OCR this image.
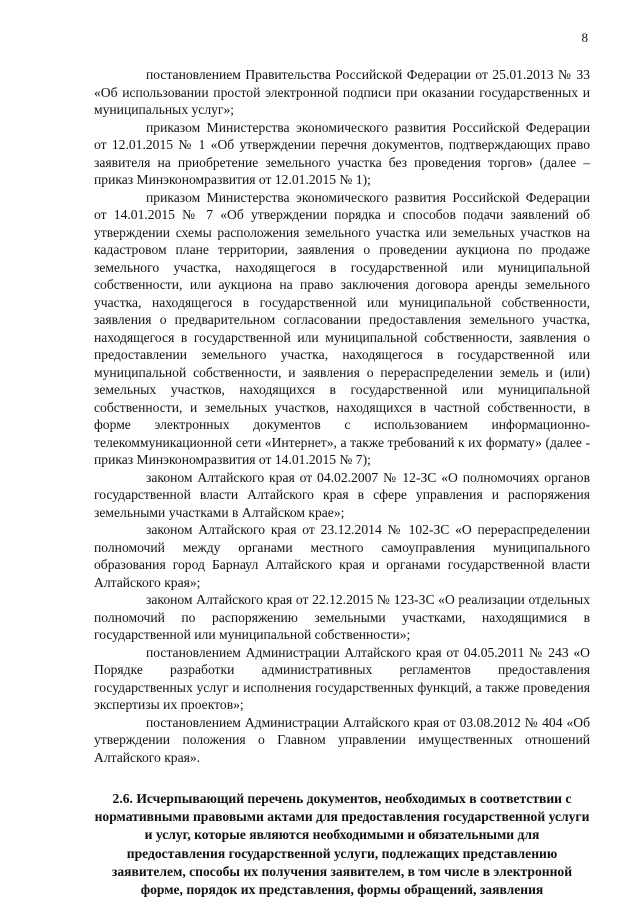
8

постановлением Правительства Российской Федерации от 25.01.2013 № 33 «Об использовании простой электронной подписи при оказании государственных и муниципальных услуг»;

приказом Министерства экономического развития Российской Федерации от 12.01.2015 № 1 «Об утверждении перечня документов, подтверждающих право заявителя на приобретение земельного участка без проведения торгов» (далее – приказ Минэкономразвития от 12.01.2015 № 1);

приказом Министерства экономического развития Российской Федерации от 14.01.2015 № 7 «Об утверждении порядка и способов подачи заявлений об утверждении схемы расположения земельного участка или земельных участков на кадастровом плане территории, заявления о проведении аукциона по продаже земельного участка, находящегося в государственной или муниципальной собственности, или аукциона на право заключения договора аренды земельного участка, находящегося в государственной или муниципальной собственности, заявления о предварительном согласовании предоставления земельного участка, находящегося в государственной или муниципальной собственности, заявления о предоставлении земельного участка, находящегося в государственной или муниципальной собственности, и заявления о перераспределении земель и (или) земельных участков, находящихся в государственной или муниципальной собственности, и земельных участков, находящихся в частной собственности, в форме электронных документов с использованием информационно-телекоммуникационной сети «Интернет», а также требований к их формату» (далее - приказ Минэкономразвития от 14.01.2015 № 7);

законом Алтайского края от 04.02.2007 № 12-ЗС «О полномочиях органов государственной власти Алтайского края в сфере управления и распоряжения земельными участками в Алтайском крае»;

законом Алтайского края от 23.12.2014 № 102-ЗС «О перераспределении полномочий между органами местного самоуправления муниципального образования город Барнаул Алтайского края и органами государственной власти Алтайского края»;

законом Алтайского края от 22.12.2015 № 123-ЗС «О реализации отдельных полномочий по распоряжению земельными участками, находящимися в государственной или муниципальной собственности»;

постановлением Администрации Алтайского края от 04.05.2011 № 243 «О Порядке разработки административных регламентов предоставления государственных услуг и исполнения государственных функций, а также проведения экспертизы их проектов»;

постановлением Администрации Алтайского края от 03.08.2012 № 404 «Об утверждении положения о Главном управлении имущественных отношений Алтайского края».

2.6. Исчерпывающий перечень документов, необходимых в соответствии с нормативными правовыми актами для предоставления государственной услуги и услуг, которые являются необходимыми и обязательными для предоставления государственной услуги, подлежащих представлению заявителем, способы их получения заявителем, в том числе в электронной форме, порядок их представления, формы обращений, заявления
